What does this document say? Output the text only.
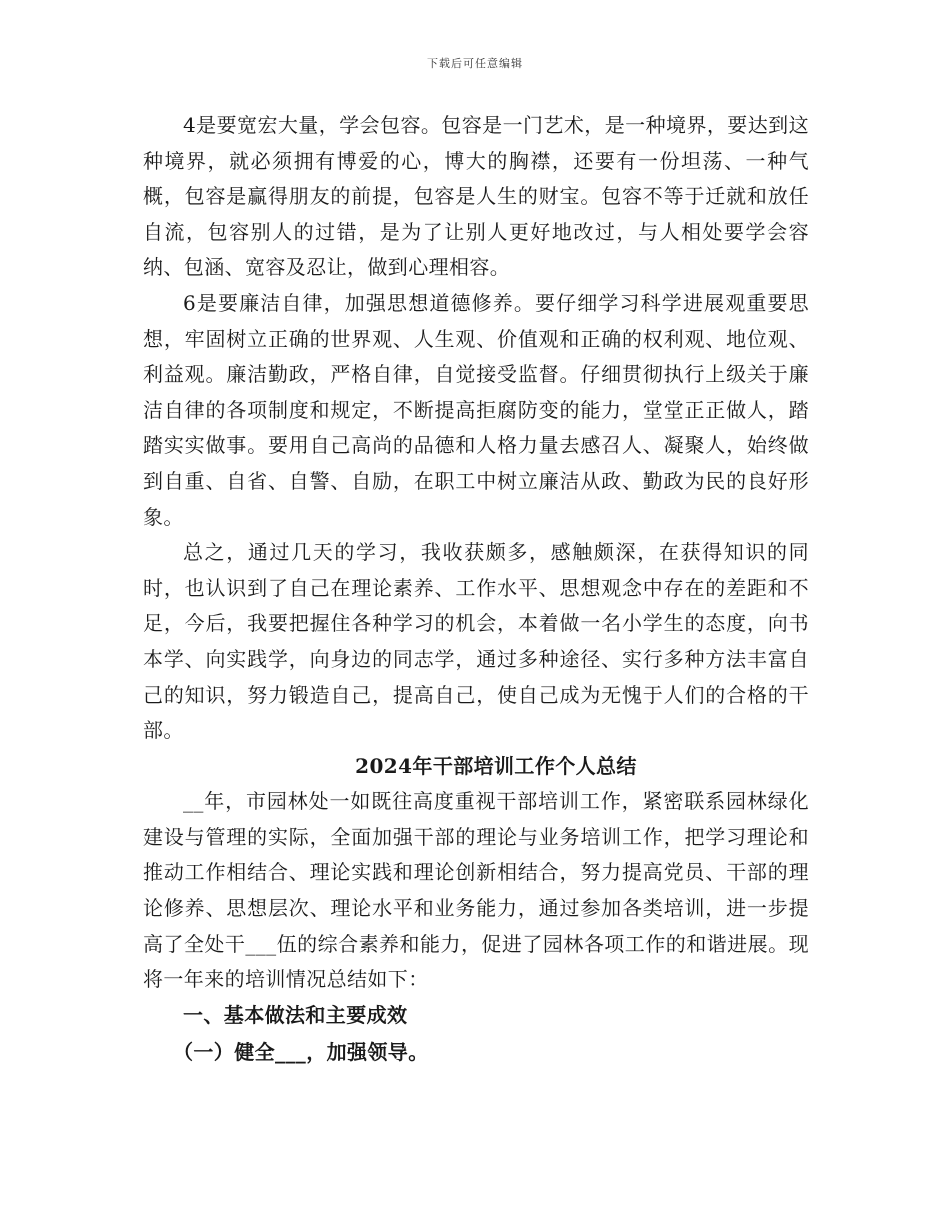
下载后可任意编辑

4是要宽宏大量，学会包容。包容是一门艺术，是一种境界，要达到这种境界，就必须拥有博爱的心，博大的胸襟，还要有一份坦荡、一种气概，包容是赢得朋友的前提，包容是人生的财宝。包容不等于迁就和放任自流，包容别人的过错，是为了让别人更好地改过，与人相处要学会容纳、包涵、宽容及忍让，做到心理相容。

6是要廉洁自律，加强思想道德修养。要仔细学习科学进展观重要思想，牢固树立正确的世界观、人生观、价值观和正确的权利观、地位观、利益观。廉洁勤政，严格自律，自觉接受监督。仔细贯彻执行上级关于廉洁自律的各项制度和规定，不断提高拒腐防变的能力，堂堂正正做人，踏踏实实做事。要用自己高尚的品德和人格力量去感召人、凝聚人，始终做到自重、自省、自警、自励，在职工中树立廉洁从政、勤政为民的良好形象。

总之，通过几天的学习，我收获颇多，感触颇深，在获得知识的同时，也认识到了自己在理论素养、工作水平、思想观念中存在的差距和不足，今后，我要把握住各种学习的机会，本着做一名小学生的态度，向书本学、向实践学，向身边的同志学，通过多种途径、实行多种方法丰富自己的知识，努力锻造自己，提高自己，使自己成为无愧于人们的合格的干部。

2024年干部培训工作个人总结

__年，市园林处一如既往高度重视干部培训工作，紧密联系园林绿化建设与管理的实际，全面加强干部的理论与业务培训工作，把学习理论和推动工作相结合、理论实践和理论创新相结合，努力提高党员、干部的理论修养、思想层次、理论水平和业务能力，通过参加各类培训，进一步提高了全处干___伍的综合素养和能力，促进了园林各项工作的和谐进展。现将一年来的培训情况总结如下：

一、基本做法和主要成效

（一）健全___，加强领导。
